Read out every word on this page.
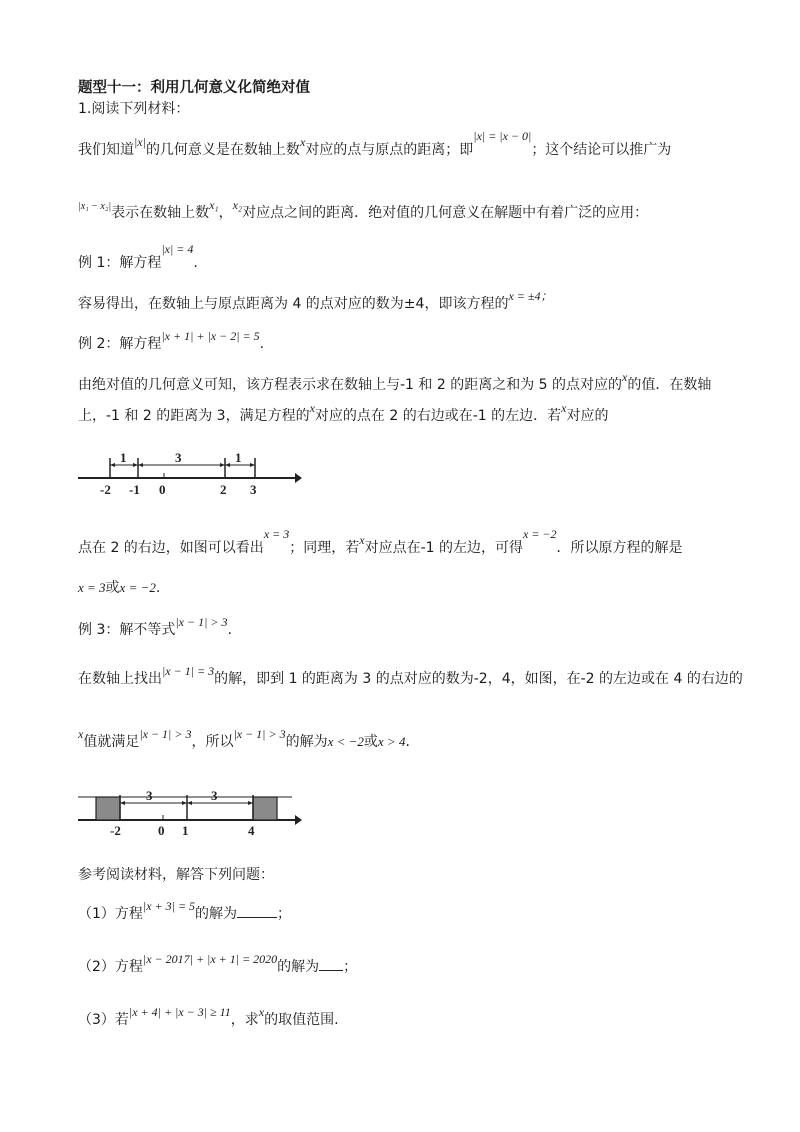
题型十一：利用几何意义化简绝对值
1.阅读下列材料：
我们知道|x|的几何意义是在数轴上数x对应的点与原点的距离；即|x| = |x − 0|；这个结论可以推广为
$^{|x_1 - x_2|}$表示在数轴上数x₁，x₂对应点之间的距离．绝对值的几何意义在解题中有着广泛的应用：
例 1：解方程|x| = 4.
容易得出，在数轴上与原点距离为 4 的点对应的数为±4，即该方程的x = ±4；
例 2：解方程|x + 1| + |x − 2| = 5.
由绝对值的几何意义可知，该方程表示求在数轴上与-1 和 2 的距离之和为 5 的点对应的x的值．在数轴
上，-1 和 2 的距离为 3，满足方程的x对应的点在 2 的右边或在-1 的左边．若x对应的
1	3	1
-2 -1 0	2 3
点在 2 的右边，如图可以看出x = 3；同理，若x对应点在-1 的左边，可得x = −2．所以原方程的解是
x = 3或x = −2.
例 3：解不等式|x − 1| > 3.
在数轴上找出|x − 1| = 3的解，即到 1 的距离为 3 的点对应的数为-2，4，如图，在-2 的左边或在 4 的右边的
x值就满足|x − 1| > 3，所以|x − 1| > 3的解为x < −2或x > 4.
3	3
-2	0 1	4
参考阅读材料，解答下列问题：
（1）方程|x + 3| = 5的解为	；
（2）方程|x − 2017| + |x + 1| = 2020的解为 ；
（3）若|x + 4| + |x − 3| ≥ 11，求x的取值范围.
